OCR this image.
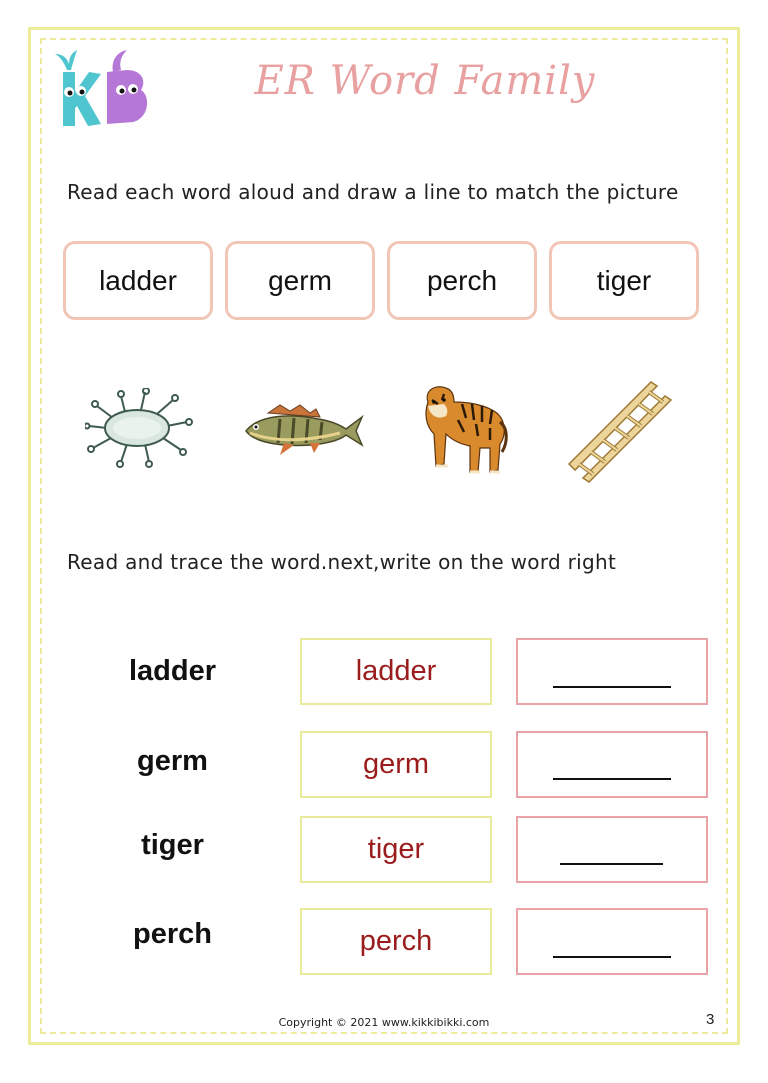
ER Word Family
Read each word aloud and draw a line to match the picture
ladder	germ	perch	tiger
Read and trace the word.next,write on the word right
ladder	ladder
germ	germ
tiger	tiger
perch	perch
Copyright © 2021 www.kikkibikki.com	3
